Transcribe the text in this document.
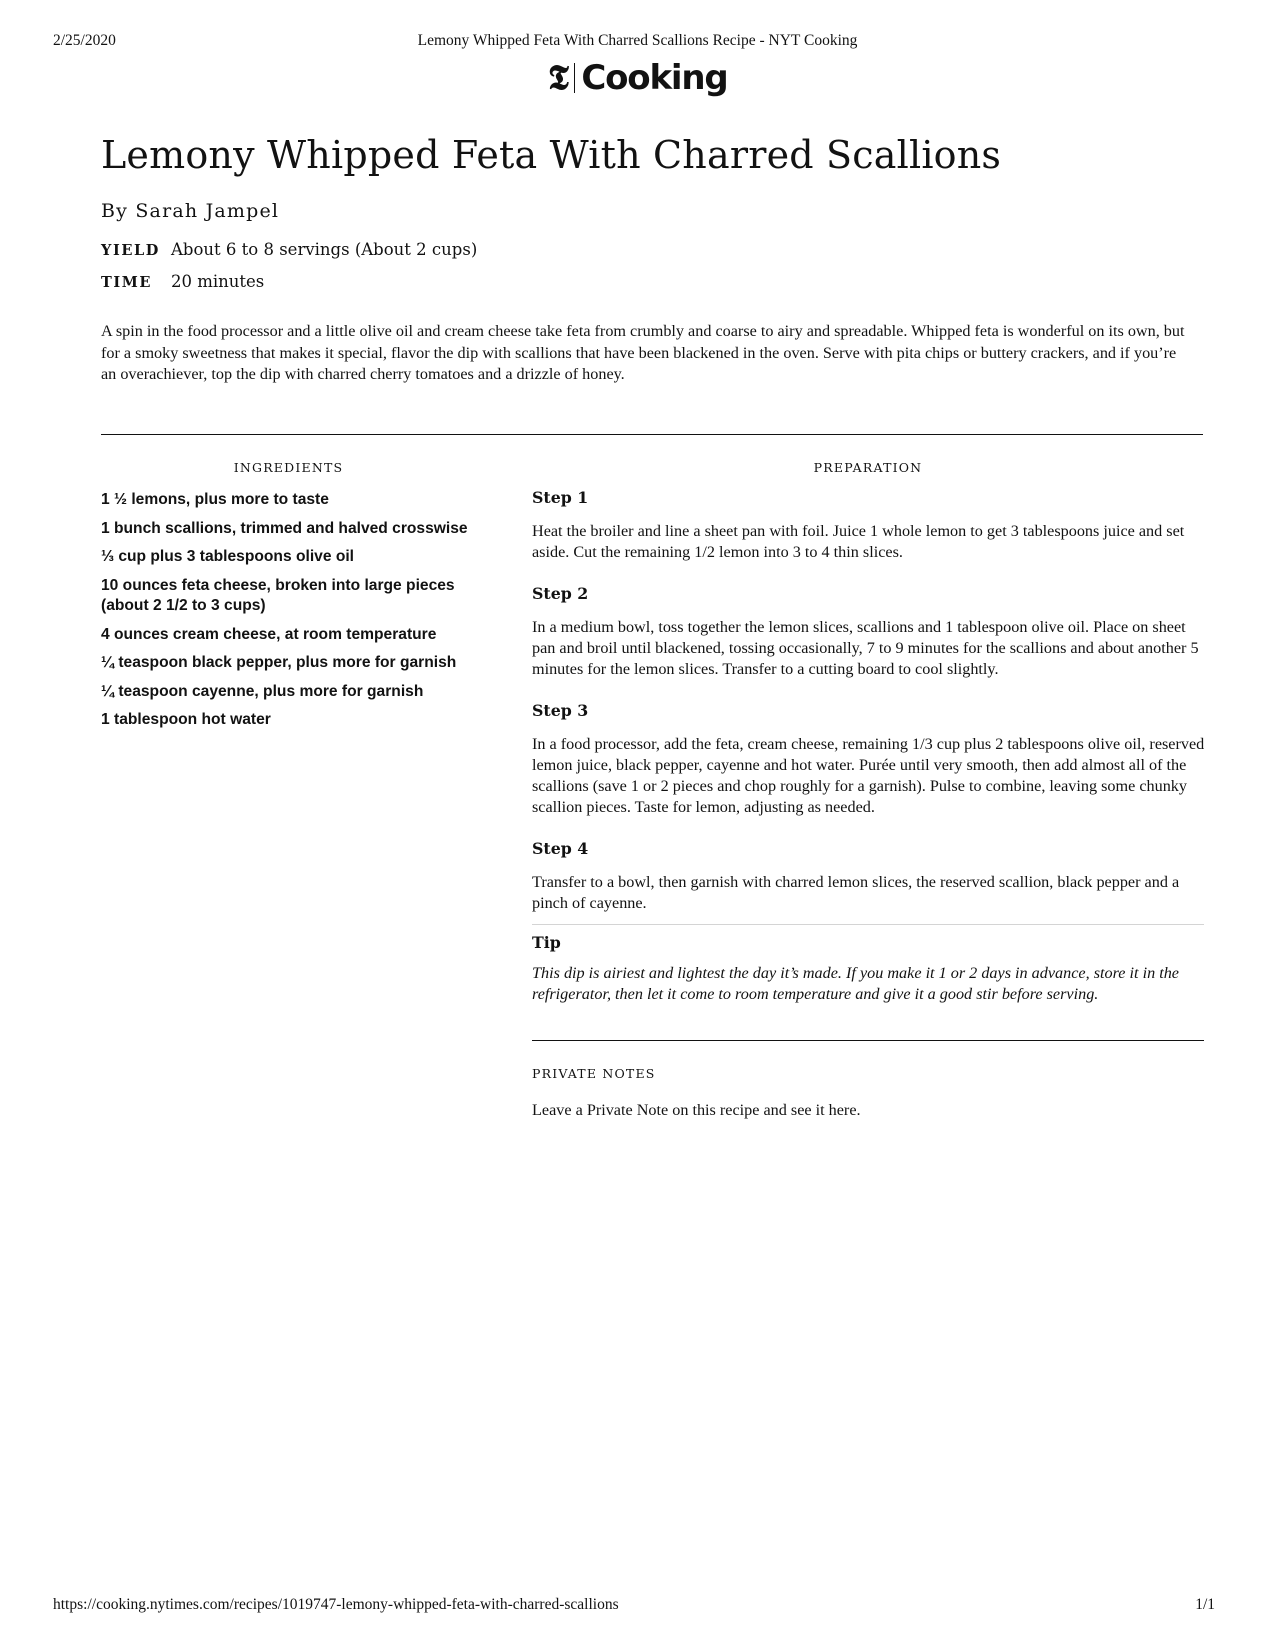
2/25/2020	Lemony Whipped Feta With Charred Scallions Recipe - NYT Cooking
𝕿 Cooking
Lemony Whipped Feta With Charred Scallions
By Sarah Jampel
YIELD About 6 to 8 servings (About 2 cups)
TIME	20 minutes

A spin in the food processor and a little olive oil and cream cheese take feta from crumbly and coarse to airy and spreadable. Whipped feta is wonderful on its own, but for a smoky sweetness that makes it special, flavor the dip with scallions that have been blackened in the oven. Serve with pita chips or buttery crackers, and if you’re an overachiever, top the dip with charred cherry tomatoes and a drizzle of honey.

INGREDIENTS
1 ½ lemons, plus more to taste
1 bunch scallions, trimmed and halved crosswise
⅓ cup plus 3 tablespoons olive oil
10 ounces feta cheese, broken into large pieces (about 2 1/2 to 3 cups)
4 ounces cream cheese, at room temperature
¼ teaspoon black pepper, plus more for garnish
¼ teaspoon cayenne, plus more for garnish
1 tablespoon hot water
PREPARATION
Step 1

Heat the broiler and line a sheet pan with foil. Juice 1 whole lemon to get 3 tablespoons juice and set aside. Cut the remaining 1/2 lemon into 3 to 4 thin slices.

Step 2

In a medium bowl, toss together the lemon slices, scallions and 1 tablespoon olive oil. Place on sheet pan and broil until blackened, tossing occasionally, 7 to 9 minutes for the scallions and about another 5 minutes for the lemon slices. Transfer to a cutting board to cool slightly.

Step 3

In a food processor, add the feta, cream cheese, remaining 1/3 cup plus 2 tablespoons olive oil, reserved lemon juice, black pepper, cayenne and hot water. Purée until very smooth, then add almost all of the scallions (save 1 or 2 pieces and chop roughly for a garnish). Pulse to combine, leaving some chunky scallion pieces. Taste for lemon, adjusting as needed.

Step 4

Transfer to a bowl, then garnish with charred lemon slices, the reserved scallion, black pepper and a pinch of cayenne.

Tip

This dip is airiest and lightest the day it’s made. If you make it 1 or 2 days in advance, store it in the refrigerator, then let it come to room temperature and give it a good stir before serving.

PRIVATE NOTES
Leave a Private Note on this recipe and see it here.
https://cooking.nytimes.com/recipes/1019747-lemony-whipped-feta-with-charred-scallions	1/1
